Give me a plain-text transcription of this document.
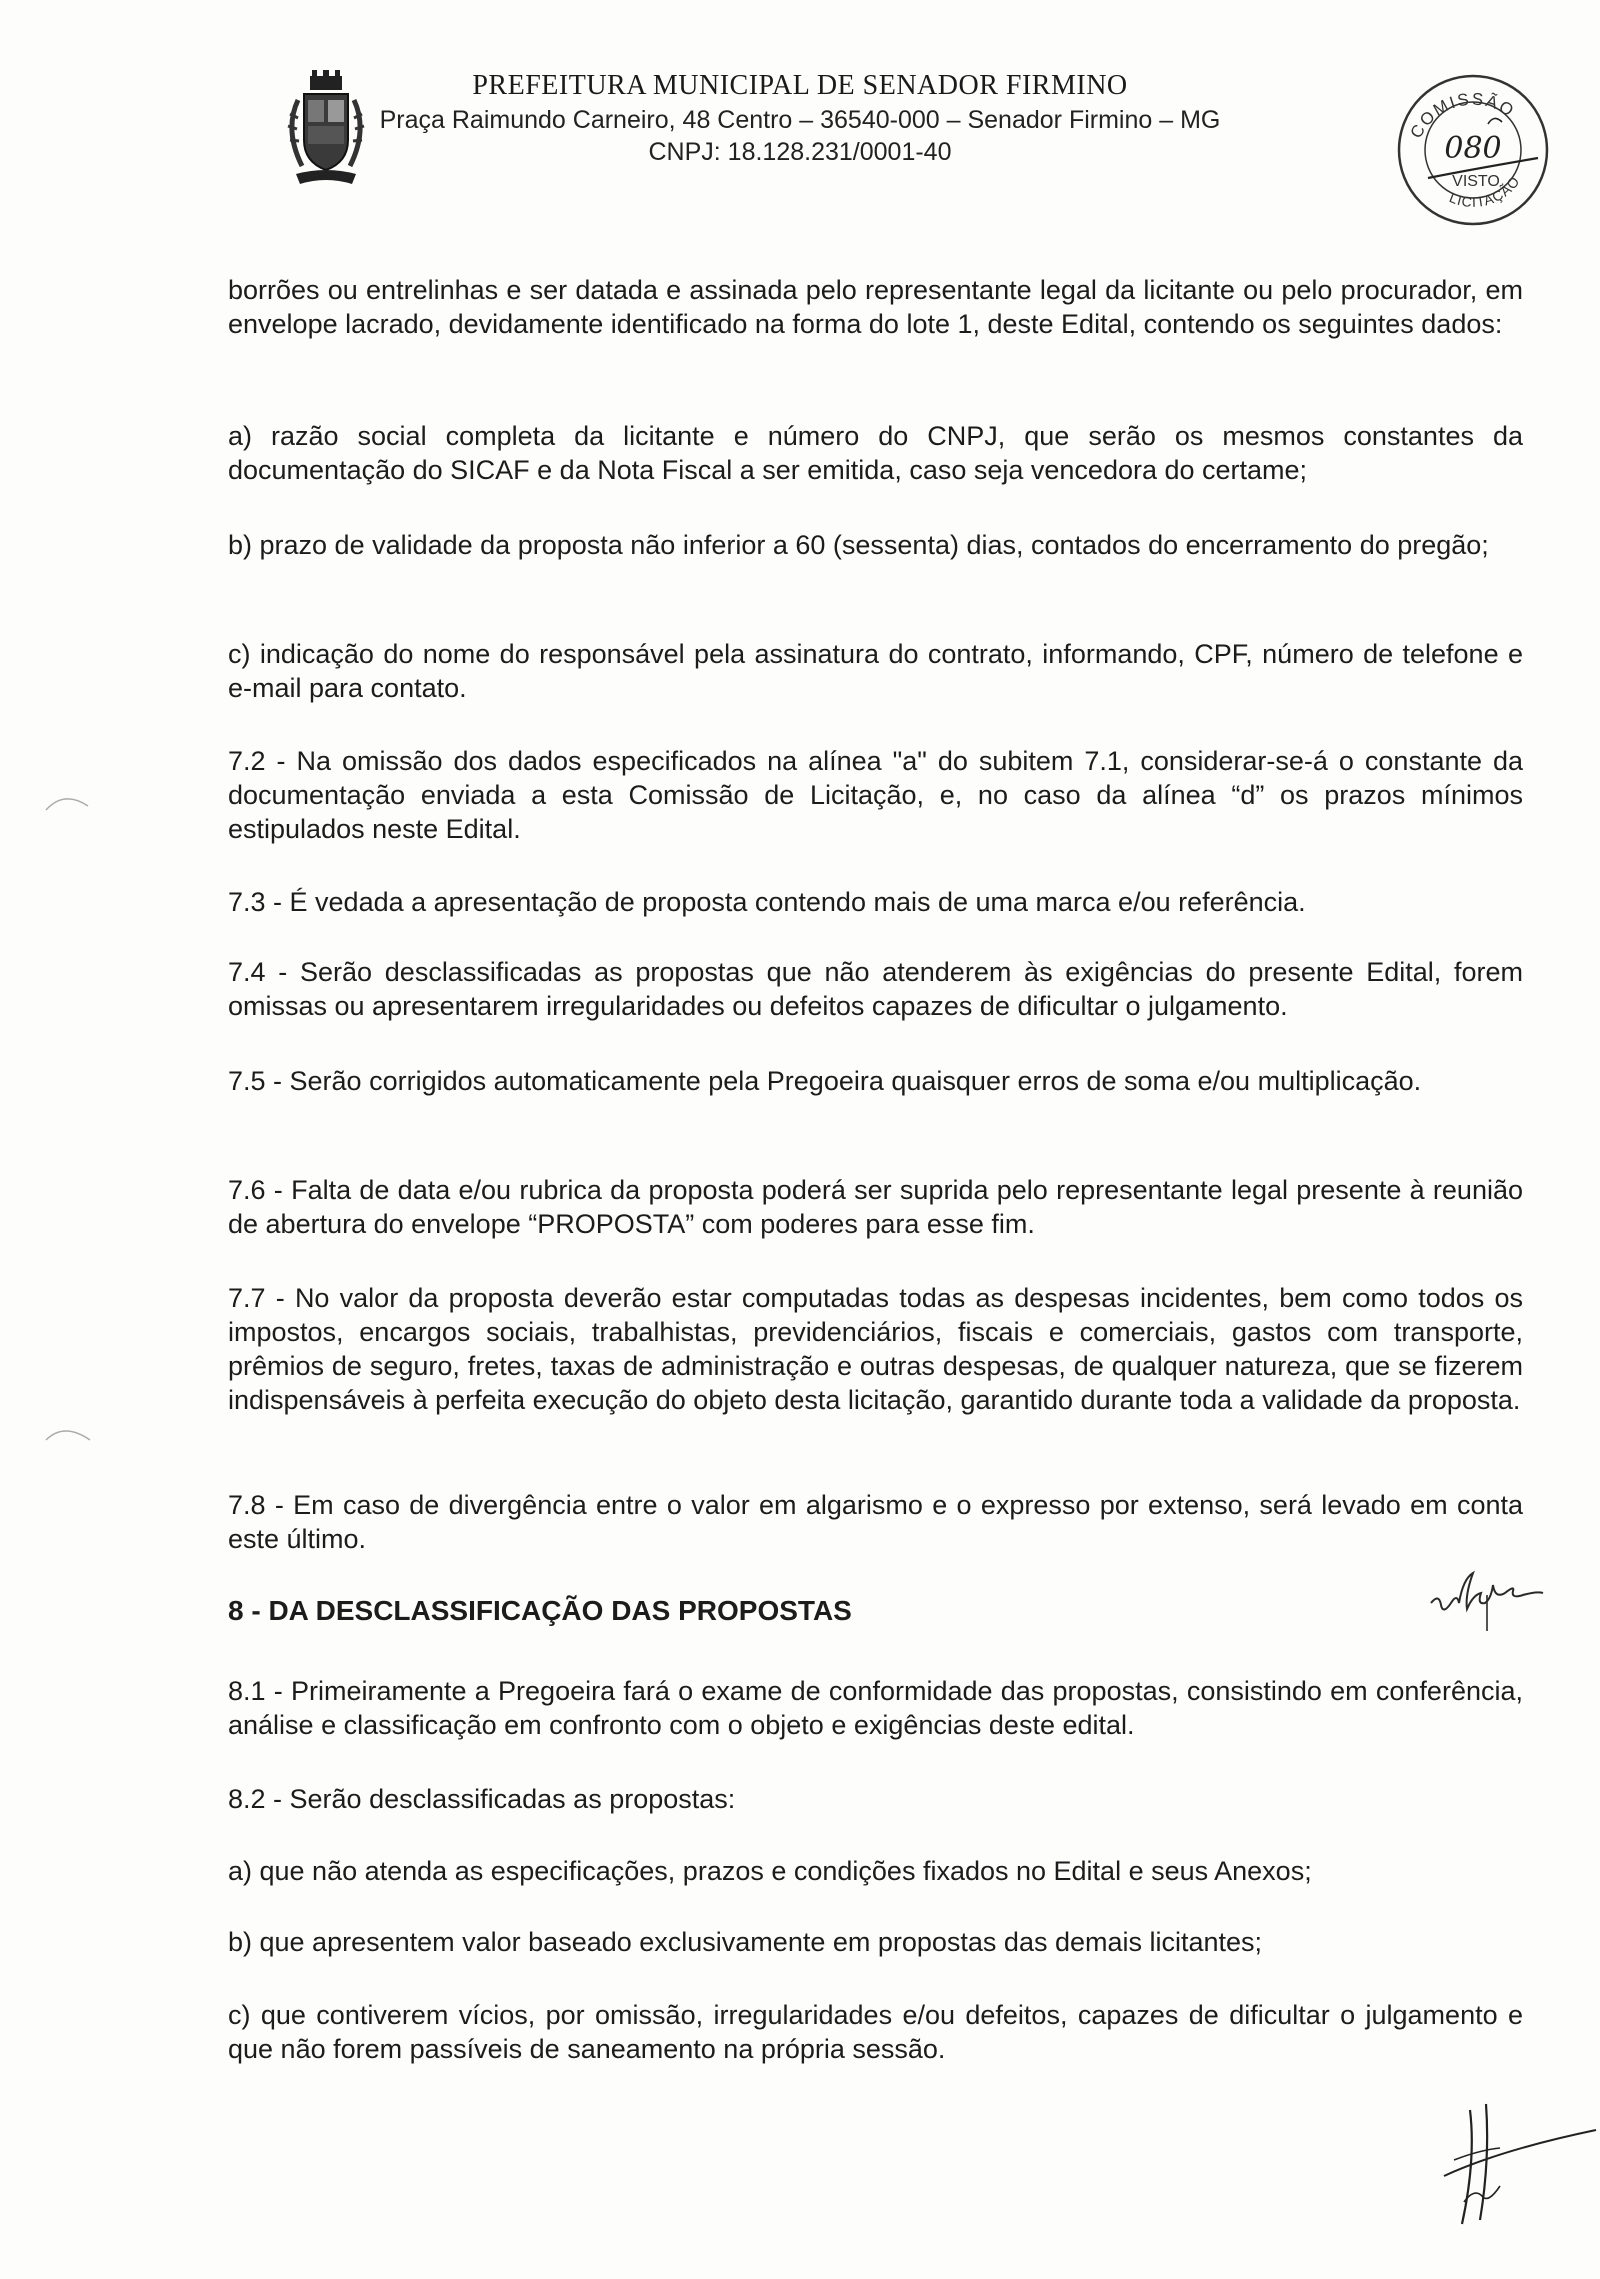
PREFEITURA MUNICIPAL DE SENADOR FIRMINO
Praça Raimundo Carneiro, 48 Centro – 36540-000 – Senador Firmino – MG
CNPJ: 18.128.231/0001-40
COMISSÃO
080
VISTO
LICITAÇÃO

borrões ou entrelinhas e ser datada e assinada pelo representante legal da licitante ou pelo procurador, em envelope lacrado, devidamente identificado na forma do lote 1, deste Edital, contendo os seguintes dados:

a) razão social completa da licitante e número do CNPJ, que serão os mesmos constantes da documentação do SICAF e da Nota Fiscal a ser emitida, caso seja vencedora do certame;

b) prazo de validade da proposta não inferior a 60 (sessenta) dias, contados do encerramento do pregão;

c) indicação do nome do responsável pela assinatura do contrato, informando, CPF, número de telefone e e-mail para contato.

7.2 - Na omissão dos dados especificados na alínea "a" do subitem 7.1, considerar-se-á o constante da documentação enviada a esta Comissão de Licitação, e, no caso da alínea “d” os prazos mínimos estipulados neste Edital.

7.3 - É vedada a apresentação de proposta contendo mais de uma marca e/ou referência.

7.4 - Serão desclassificadas as propostas que não atenderem às exigências do presente Edital, forem omissas ou apresentarem irregularidades ou defeitos capazes de dificultar o julgamento.

7.5 - Serão corrigidos automaticamente pela Pregoeira quaisquer erros de soma e/ou multiplicação.

7.6 - Falta de data e/ou rubrica da proposta poderá ser suprida pelo representante legal presente à reunião de abertura do envelope “PROPOSTA” com poderes para esse fim.

7.7 - No valor da proposta deverão estar computadas todas as despesas incidentes, bem como todos os impostos, encargos sociais, trabalhistas, previdenciários, fiscais e comerciais, gastos com transporte, prêmios de seguro, fretes, taxas de administração e outras despesas, de qualquer natureza, que se fizerem indispensáveis à perfeita execução do objeto desta licitação, garantido durante toda a validade da proposta.

7.8 - Em caso de divergência entre o valor em algarismo e o expresso por extenso, será levado em conta este último.

8 - DA DESCLASSIFICAÇÃO DAS PROPOSTAS

8.1 - Primeiramente a Pregoeira fará o exame de conformidade das propostas, consistindo em conferência, análise e classificação em confronto com o objeto e exigências deste edital.

8.2 - Serão desclassificadas as propostas:

a) que não atenda as especificações, prazos e condições fixados no Edital e seus Anexos;

b) que apresentem valor baseado exclusivamente em propostas das demais licitantes;

c) que contiverem vícios, por omissão, irregularidades e/ou defeitos, capazes de dificultar o julgamento e que não forem passíveis de saneamento na própria sessão.
